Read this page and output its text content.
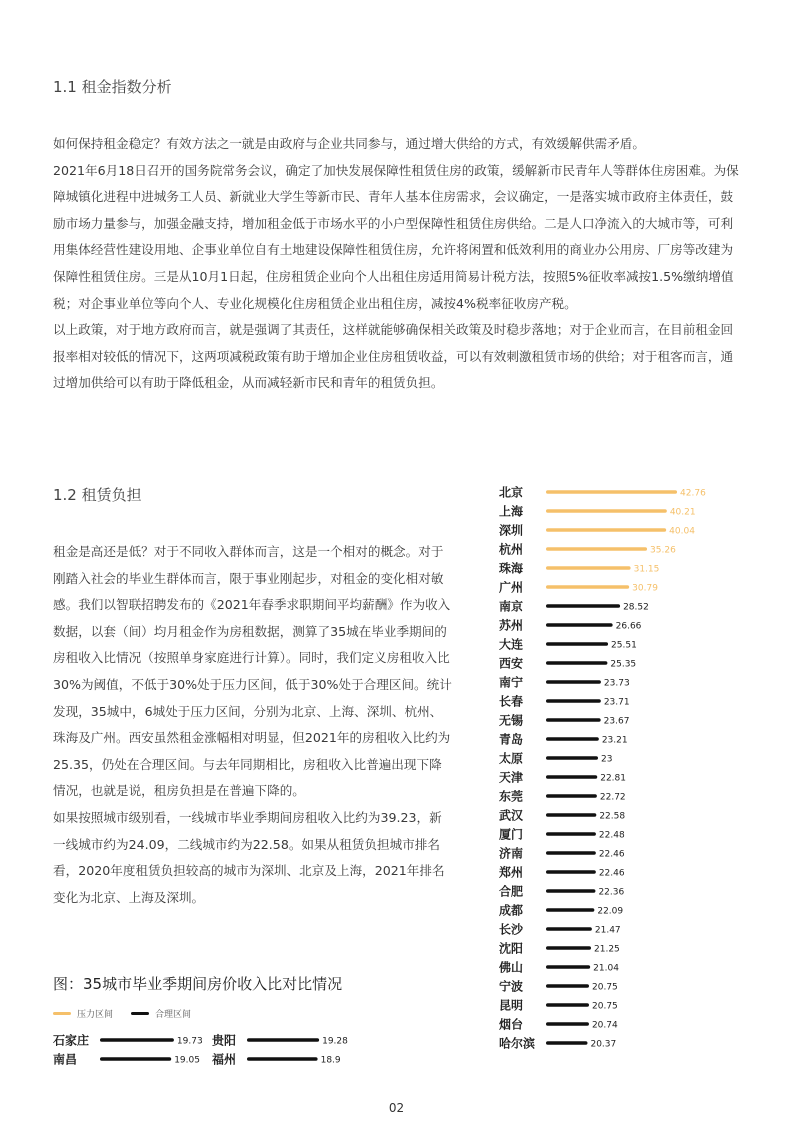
1.1 租金指数分析

如何保持租金稳定？有效方法之一就是由政府与企业共同参与，通过增大供给的方式，有效缓解供需矛盾。

2021年6月18日召开的国务院常务会议，确定了加快发展保障性租赁住房的政策，缓解新市民青年人等群体住房困难。为保障城镇化进程中进城务工人员、新就业大学生等新市民、青年人基本住房需求，会议确定，一是落实城市政府主体责任，鼓励市场力量参与，加强金融支持，增加租金低于市场水平的小户型保障性租赁住房供给。二是人口净流入的大城市等，可利用集体经营性建设用地、企事业单位自有土地建设保障性租赁住房，允许将闲置和低效利用的商业办公用房、厂房等改建为保障性租赁住房。三是从10月1日起，住房租赁企业向个人出租住房适用简易计税方法，按照5%征收率减按1.5%缴纳增值税；对企事业单位等向个人、专业化规模化住房租赁企业出租住房，减按4%税率征收房产税。

以上政策，对于地方政府而言，就是强调了其责任，这样就能够确保相关政策及时稳步落地；对于企业而言，在目前租金回报率相对较低的情况下，这两项减税政策有助于增加企业住房租赁收益，可以有效刺激租赁市场的供给；对于租客而言，通过增加供给可以有助于降低租金，从而减轻新市民和青年的租赁负担。

1.2 租赁负担

租金是高还是低？对于不同收入群体而言，这是一个相对的概念。对于刚踏入社会的毕业生群体而言，限于事业刚起步，对租金的变化相对敏感。我们以智联招聘发布的《2021年春季求职期间平均薪酬》作为收入数据，以套（间）均月租金作为房租数据，测算了35城在毕业季期间的房租收入比情况（按照单身家庭进行计算）。同时，我们定义房租收入比30%为阈值，不低于30%处于压力区间，低于30%处于合理区间。统计发现，35城中，6城处于压力区间，分别为北京、上海、深圳、杭州、珠海及广州。西安虽然租金涨幅相对明显，但2021年的房租收入比约为25.35，仍处在合理区间。与去年同期相比，房租收入比普遍出现下降情况，也就是说，租房负担是在普遍下降的。

如果按照城市级别看，一线城市毕业季期间房租收入比约为39.23，新一线城市约为24.09，二线城市约为22.58。如果从租赁负担城市排名看，2020年度租赁负担较高的城市为深圳、北京及上海，2021年排名变化为北京、上海及深圳。

图：35城市毕业季期间房价收入比对比情况
压力区间	合理区间
北京	42.76
上海	40.21
深圳	40.04
杭州	35.26
珠海	31.15
广州	30.79
南京	28.52
苏州	26.66
大连	25.51
西安	25.35
南宁	23.73
长春	23.71
无锡	23.67
青岛	23.21
太原	23
天津	22.81
东莞	22.72
武汉	22.58
厦门	22.48
济南	22.46
郑州	22.46
合肥	22.36
成都	22.09
长沙	21.47
沈阳	21.25
佛山	21.04
宁波	20.75
昆明	20.75
烟台	20.74
哈尔滨	20.37
石家庄	19.73 贵阳	19.28
南昌	19.05 福州	18.9
02
